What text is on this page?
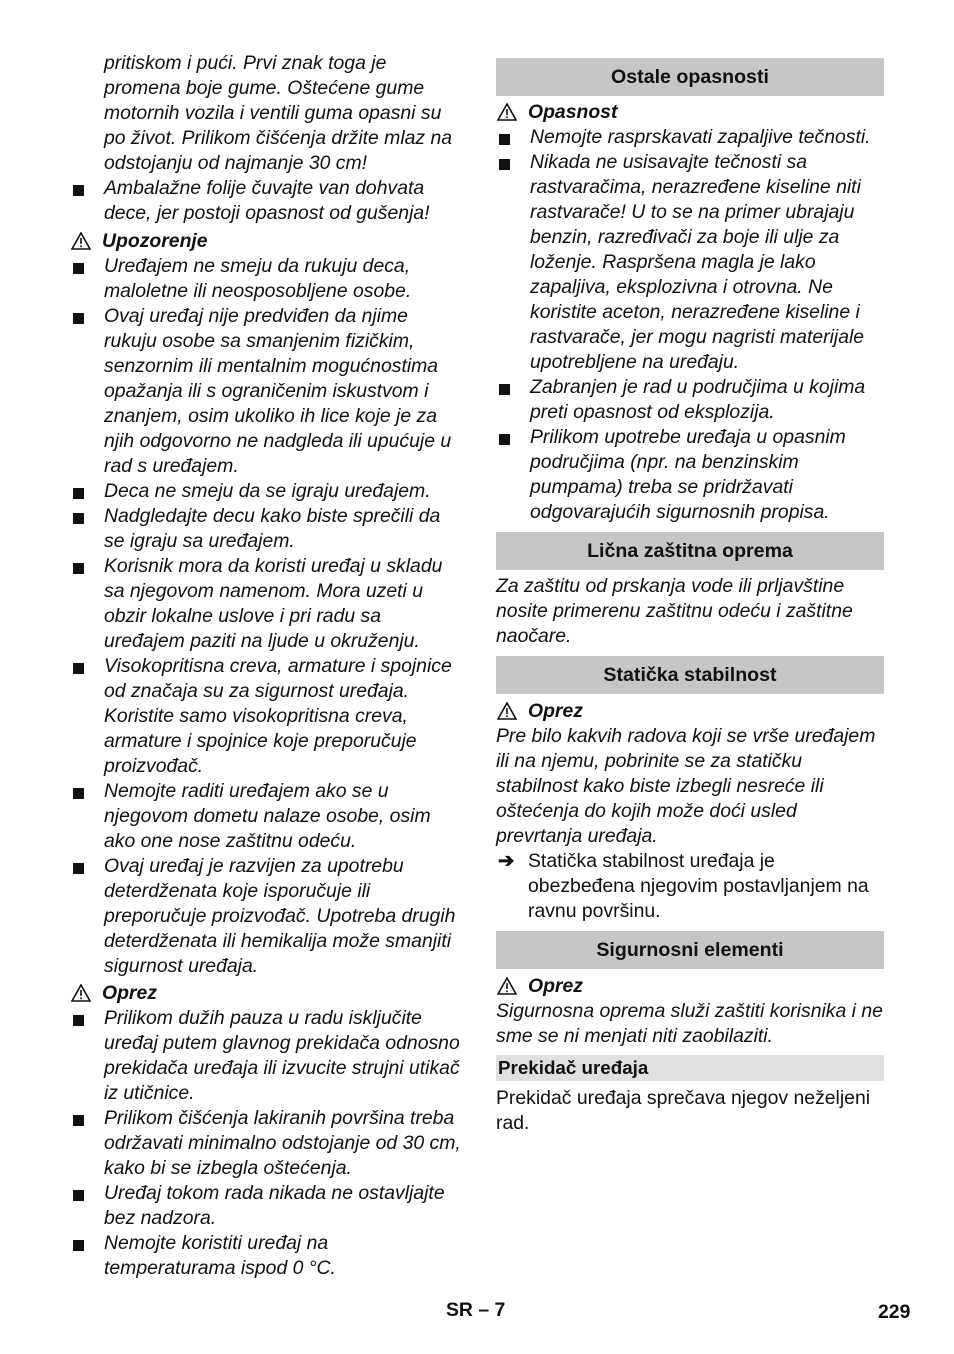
pritiskom i pući. Prvi znak toga je promena boje gume. Oštećene gume motornih vozila i ventili guma opasni su po život. Prilikom čišćenja držite mlaz na odstojanju od najmanje 30 cm!

Ambalažne folije čuvajte van dohvata dece, jer postoji opasnost od gušenja!
Upozorenje
Uređajem ne smeju da rukuju deca, maloletne ili neosposobljene osobe.
Ovaj uređaj nije predviđen da njime rukuju osobe sa smanjenim fizičkim, senzornim ili mentalnim mogućnostima opažanja ili s ograničenim iskustvom i znanjem, osim ukoliko ih lice koje je za njih odgovorno ne nadgleda ili upućuje u rad s uređajem.
Deca ne smeju da se igraju uređajem.
Nadgledajte decu kako biste sprečili da se igraju sa uređajem.
Korisnik mora da koristi uređaj u skladu sa njegovom namenom. Mora uzeti u obzir lokalne uslove i pri radu sa uređajem paziti na ljude u okruženju.
Visokopritisna creva, armature i spojnice od značaja su za sigurnost uređaja. Koristite samo visokopritisna creva, armature i spojnice koje preporučuje proizvođač.
Nemojte raditi uređajem ako se u njegovom dometu nalaze osobe, osim ako one nose zaštitnu odeću.
Ovaj uređaj je razvijen za upotrebu deterdženata koje isporučuje ili preporučuje proizvođač. Upotreba drugih deterdženata ili hemikalija može smanjiti sigurnost uređaja.
Oprez
Prilikom dužih pauza u radu isključite uređaj putem glavnog prekidača odnosno prekidača uređaja ili izvucite strujni utikač iz utičnice.
Prilikom čišćenja lakiranih površina treba održavati minimalno odstojanje od 30 cm, kako bi se izbegla oštećenja.
Uređaj tokom rada nikada ne ostavljajte bez nadzora.
Nemojte koristiti uređaj na temperaturama ispod 0 °C.
Ostale opasnosti
Opasnost
Nemojte rasprskavati zapaljive tečnosti.
Nikada ne usisavajte tečnosti sa rastvaračima, nerazređene kiseline niti rastvarače! U to se na primer ubrajaju benzin, razređivači za boje ili ulje za loženje. Raspršena magla je lako zapaljiva, eksplozivna i otrovna. Ne koristite aceton, nerazređene kiseline i rastvarače, jer mogu nagristi materijale upotrebljene na uređaju.
Zabranjen je rad u područjima u kojima preti opasnost od eksplozija.
Prilikom upotrebe uređaja u opasnim područjima (npr. na benzinskim pumpama) treba se pridržavati odgovarajućih sigurnosnih propisa.
Lična zaštitna oprema

Za zaštitu od prskanja vode ili prljavštine nosite primerenu zaštitnu odeću i zaštitne naočare.

Statička stabilnost
Oprez

Pre bilo kakvih radova koji se vrše uređajem ili na njemu, pobrinite se za statičku stabilnost kako biste izbegli nesreće ili oštećenja do kojih može doći usled prevrtanja uređaja.

➔ Statička stabilnost uređaja je obezbeđena njegovim postavljanjem na ravnu površinu.
Sigurnosni elementi
Oprez

Sigurnosna oprema služi zaštiti korisnika i ne sme se ni menjati niti zaobilaziti.

Prekidač uređaja

Prekidač uređaja sprečava njegov neželjeni rad.

SR – 7	229
